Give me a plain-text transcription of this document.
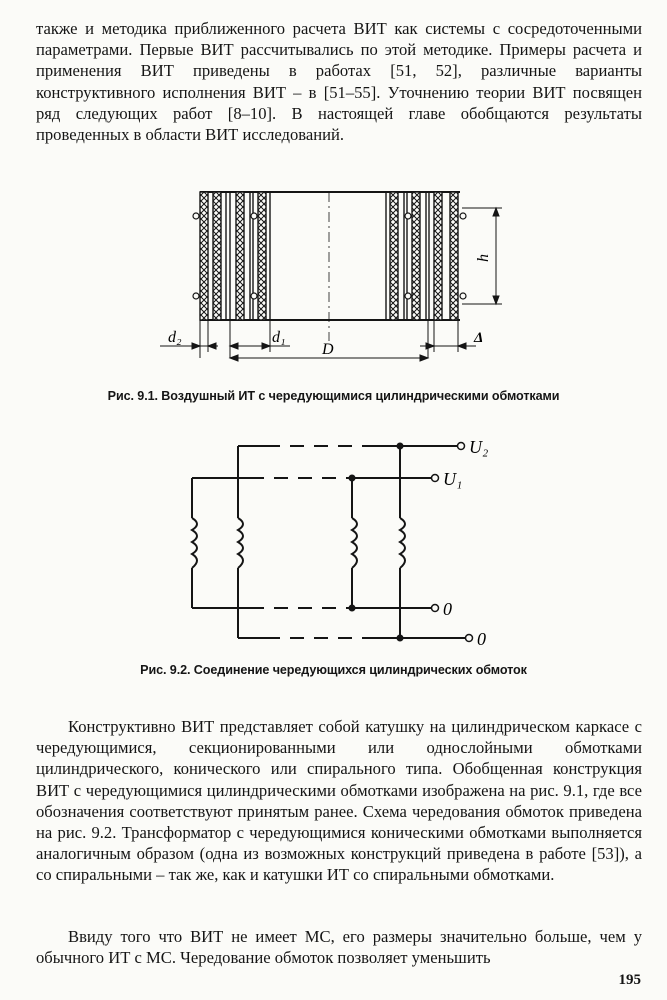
также и методика приближенного расчета ВИТ как системы с сосредоточенными параметрами. Первые ВИТ рассчитывались по этой методике. Примеры расчета и применения ВИТ приведены в работах [51, 52], различные варианты конструктивного исполнения ВИТ – в [51–55]. Уточнению теории ВИТ посвящен ряд следующих работ [8–10]. В настоящей главе обобщаются результаты проведенных в области ВИТ исследований.

h
d₂	d₁
D
Δ
Рис. 9.1. Воздушный ИТ с чередующимися цилиндрическими обмотками
U₂
U₁
0
0
Рис. 9.2. Соединение чередующихся цилиндрических обмоток

Конструктивно ВИТ представляет собой катушку на цилиндрическом каркасе с чередующимися, секционированными или однослойными обмотками цилиндрического, конического или спирального типа. Обобщенная конструкция ВИТ с чередующимися цилиндрическими обмотками изображена на рис. 9.1, где все обозначения соответствуют принятым ранее. Схема чередования обмоток приведена на рис. 9.2. Трансформатор с чередующимися коническими обмотками выполняется аналогичным образом (одна из возможных конструкций приведена в работе [53]), а со спиральными – так же, как и катушки ИТ со спиральными обмотками.

Ввиду того что ВИТ не имеет МС, его размеры значительно больше, чем у обычного ИТ с МС. Чередование обмоток позволяет уменьшить

195
